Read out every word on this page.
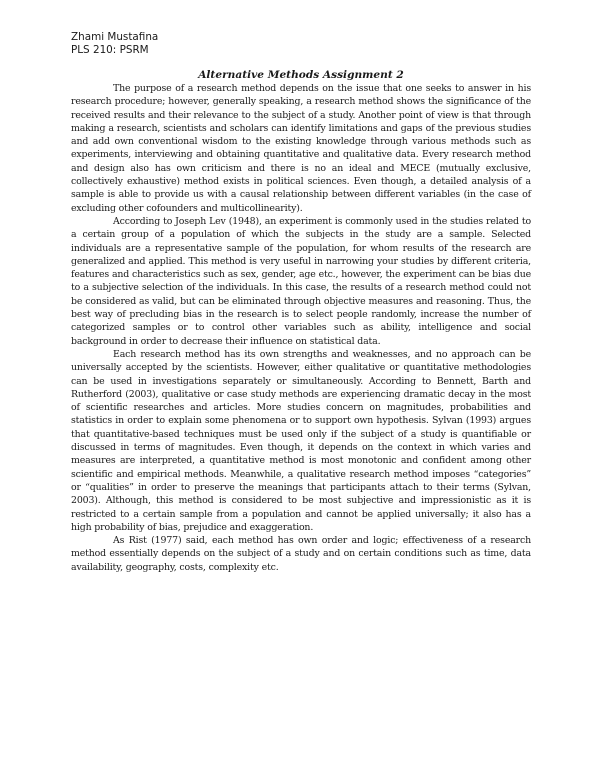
Zhami Mustafina

PLS 210: PSRM

Alternative Methods Assignment 2

The purpose of a research method depends on the issue that one seeks to answer in his research procedure; however, generally speaking, a research method shows the significance of the received results and their relevance to the subject of a study. Another point of view is that through making a research, scientists and scholars can identify limitations and gaps of the previous studies and add own conventional wisdom to the existing knowledge through various methods such as experiments, interviewing and obtaining quantitative and qualitative data. Every research method and design also has own criticism and there is no an ideal and MECE (mutually exclusive, collectively exhaustive) method exists in political sciences. Even though, a detailed analysis of a sample is able to provide us with a causal relationship between different variables (in the case of excluding other cofounders and multicollinearity).

According to Joseph Lev (1948), an experiment is commonly used in the studies related to a certain group of a population of which the subjects in the study are a sample. Selected individuals are a representative sample of the population, for whom results of the research are generalized and applied. This method is very useful in narrowing your studies by different criteria, features and characteristics such as sex, gender, age etc., however, the experiment can be bias due to a subjective selection of the individuals. In this case, the results of a research method could not be considered as valid, but can be eliminated through objective measures and reasoning. Thus, the best way of precluding bias in the research is to select people randomly, increase the number of categorized samples or to control other variables such as ability, intelligence and social background in order to decrease their influence on statistical data.

Each research method has its own strengths and weaknesses, and no approach can be universally accepted by the scientists. However, either qualitative or quantitative methodologies can be used in investigations separately or simultaneously. According to Bennett, Barth and Rutherford (2003), qualitative or case study methods are experiencing dramatic decay in the most of scientific researches and articles. More studies concern on magnitudes, probabilities and statistics in order to explain some phenomena or to support own hypothesis. Sylvan (1993) argues that quantitative-based techniques must be used only if the subject of a study is quantifiable or discussed in terms of magnitudes. Even though, it depends on the context in which varies and measures are interpreted, a quantitative method is most monotonic and confident among other scientific and empirical methods. Meanwhile, a qualitative research method imposes “categories” or “qualities” in order to preserve the meanings that participants attach to their terms (Sylvan, 2003). Although, this method is considered to be most subjective and impressionistic as it is restricted to a certain sample from a population and cannot be applied universally; it also has a high probability of bias, prejudice and exaggeration.

As Rist (1977) said, each method has own order and logic; effectiveness of a research method essentially depends on the subject of a study and on certain conditions such as time, data availability, geography, costs, complexity etc.
